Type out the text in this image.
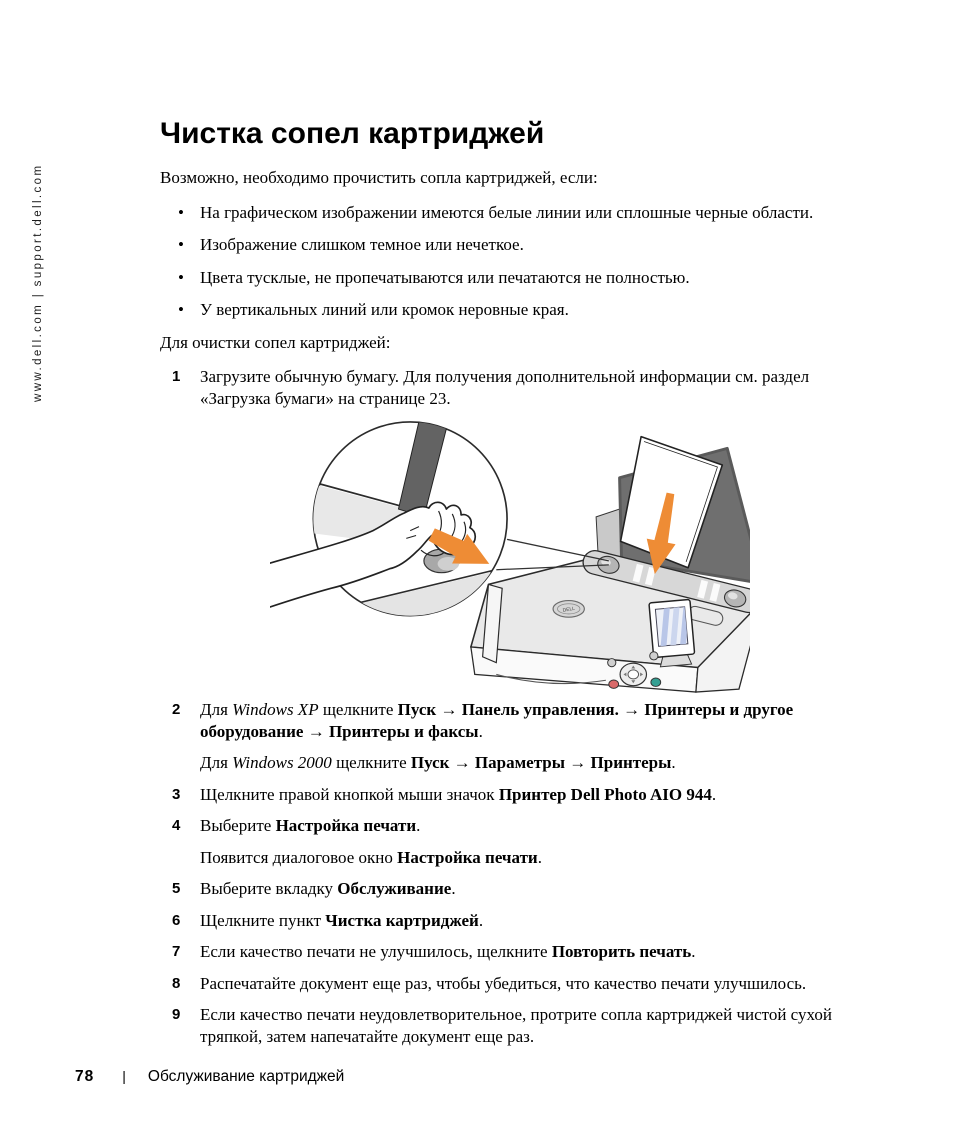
www.dell.com | support.dell.com
Чистка сопел картриджей

Возможно, необходимо прочистить сопла картриджей, если:

• На графическом изображении имеются белые линии или сплошные черные области.
• Изображение слишком темное или нечеткое.
• Цвета тусклые, не пропечатываются или печатаются не полностью.
• У вертикальных линий или кромок неровные края.

Для очистки сопел картриджей:

1	Загрузите обычную бумагу. Для получения дополнительной информации см. раздел «Загрузка бумаги» на странице 23.

DELL
2	Для Windows XP щелкните Пуск → Панель управления. → Принтеры и другое оборудование → Принтеры и факсы.

Для Windows 2000 щелкните Пуск → Параметры → Принтеры.

3	Щелкните правой кнопкой мыши значок Принтер Dell Photo AIO 944.

4	Выберите Настройка печати.

Появится диалоговое окно Настройка печати.

5	Выберите вкладку Обслуживание.

6	Щелкните пункт Чистка картриджей.

7	Если качество печати не улучшилось, щелкните Повторить печать.

8	Распечатайте документ еще раз, чтобы убедиться, что качество печати улучшилось.

9	Если качество печати неудовлетворительное, протрите сопла картриджей чистой сухой тряпкой, затем напечатайте документ еще раз.

78 | Обслуживание картриджей
